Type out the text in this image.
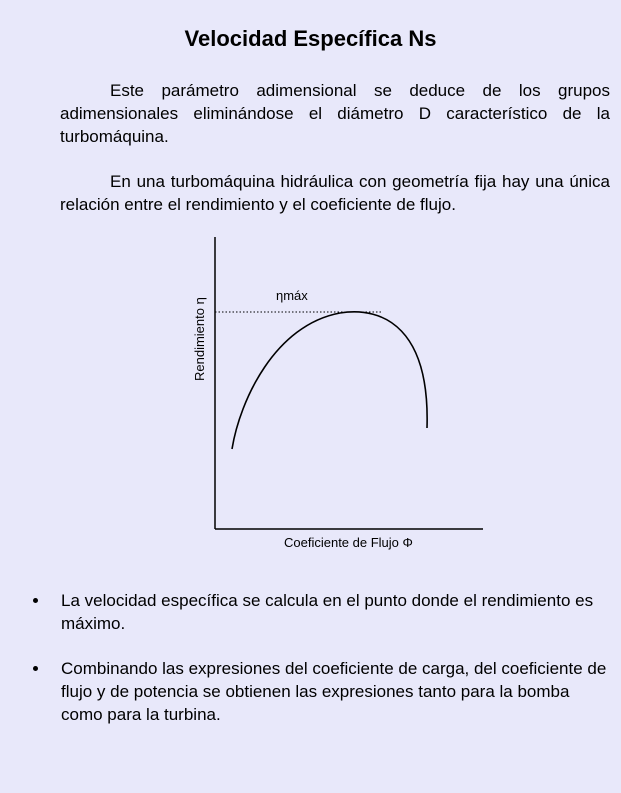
Velocidad Específica Ns
Este parámetro adimensional se deduce de los grupos adimensionales eliminándose el diámetro D característico de la turbomáquina.
En una turbomáquina hidráulica con geometría fija hay una única relación entre el rendimiento y el coeficiente de flujo.
ηmáx
Rendimiento η
Coeficiente de Flujo Φ
La velocidad específica se calcula en el punto donde el rendimiento es máximo.
Combinando las expresiones del coeficiente de carga, del coeficiente de flujo y de potencia se obtienen las expresiones tanto para la bomba como para la turbina.
